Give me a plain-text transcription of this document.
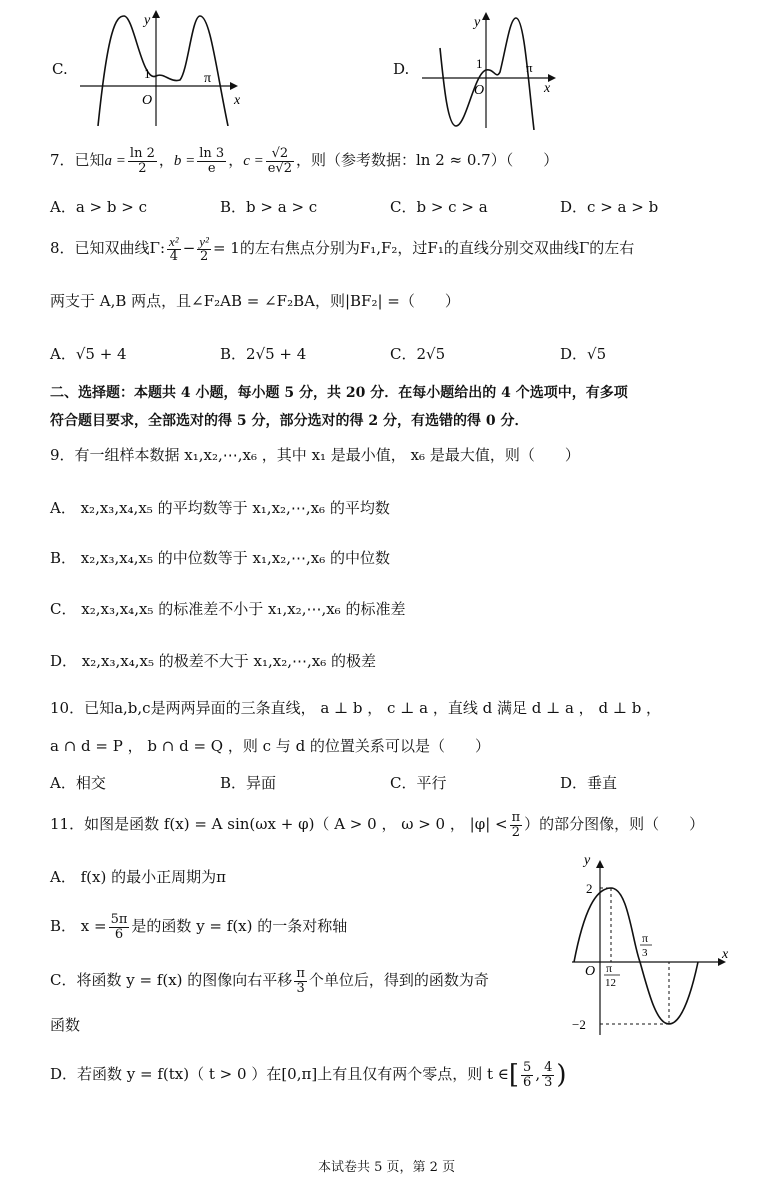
C.
y
x
1
O
π
D.
y
x
1
O
π
7．已知$a = \frac{\ln 2}{2}$ ，$b = \frac{\ln 3}{e}$ ，$c = \frac{√2}{e√2}$ ，则（参考数据：ln 2 ≈ 0.7）（　　）
A．a > b > c	B．b > a > c	C．b > c > a	D．c > a > b
8．已知双曲线Γ: $\frac{\text{x²}}{4} - \frac{\text{y²}}{2} = 1$的左右焦点分别为F₁,F₂，过F₁的直线分别交双曲线Γ的左右
两支于 A,B 两点，且∠F₂AB = ∠F₂BA，则|BF₂| =（　　）
A．√5 + 4	B．2√5 + 4	C．2√5	D．√5
二、选择题：本题共 4 小题，每小题 5 分，共 20 分．在每小题给出的 4 个选项中，有多项
符合题目要求，全部选对的得 5 分，部分选对的得 2 分，有选错的得 0 分．
9．有一组样本数据 x₁,x₂,⋯,x₆ ，其中 x₁ 是最小值， x₆ 是最大值，则（　　）
A． x₂,x₃,x₄,x₅ 的平均数等于 x₁,x₂,⋯,x₆ 的平均数
B． x₂,x₃,x₄,x₅ 的中位数等于 x₁,x₂,⋯,x₆ 的中位数
C． x₂,x₃,x₄,x₅ 的标准差不小于 x₁,x₂,⋯,x₆ 的标准差
D． x₂,x₃,x₄,x₅ 的极差不大于 x₁,x₂,⋯,x₆ 的极差
10．已知a,b,c是两两异面的三条直线， a ⊥ b ， c ⊥ a ，直线 d 满足 d ⊥ a ， d ⊥ b ，
a ∩ d = P ， b ∩ d = Q ，则 c 与 d 的位置关系可以是（　　）
A．相交	B．异面	C．平行	D．垂直
11．如图是函数 f(x) = A sin(ωx + φ)（ A > 0 ， ω > 0 ， $|\varphi| < \frac{\pi}{2}$ ）的部分图像，则（　　）
A． f(x) 的最小正周期为π
B． $x = \frac{5\pi}{6}$ 是的函数 y = f(x) 的一条对称轴
C．将函数 y = f(x) 的图像向右平移 $\frac{\pi}{3}$ 个单位后，得到的函数为奇
函数
D．若函数 y = f(tx)（ t > 0 ）在[0,π]上有且仅有两个零点，则 t ∈[ $\frac{5}{6}$ , $\frac{4}{3}$ )
y
x
2
−2
O π
12
π
3
本试卷共 5 页，第 2 页
